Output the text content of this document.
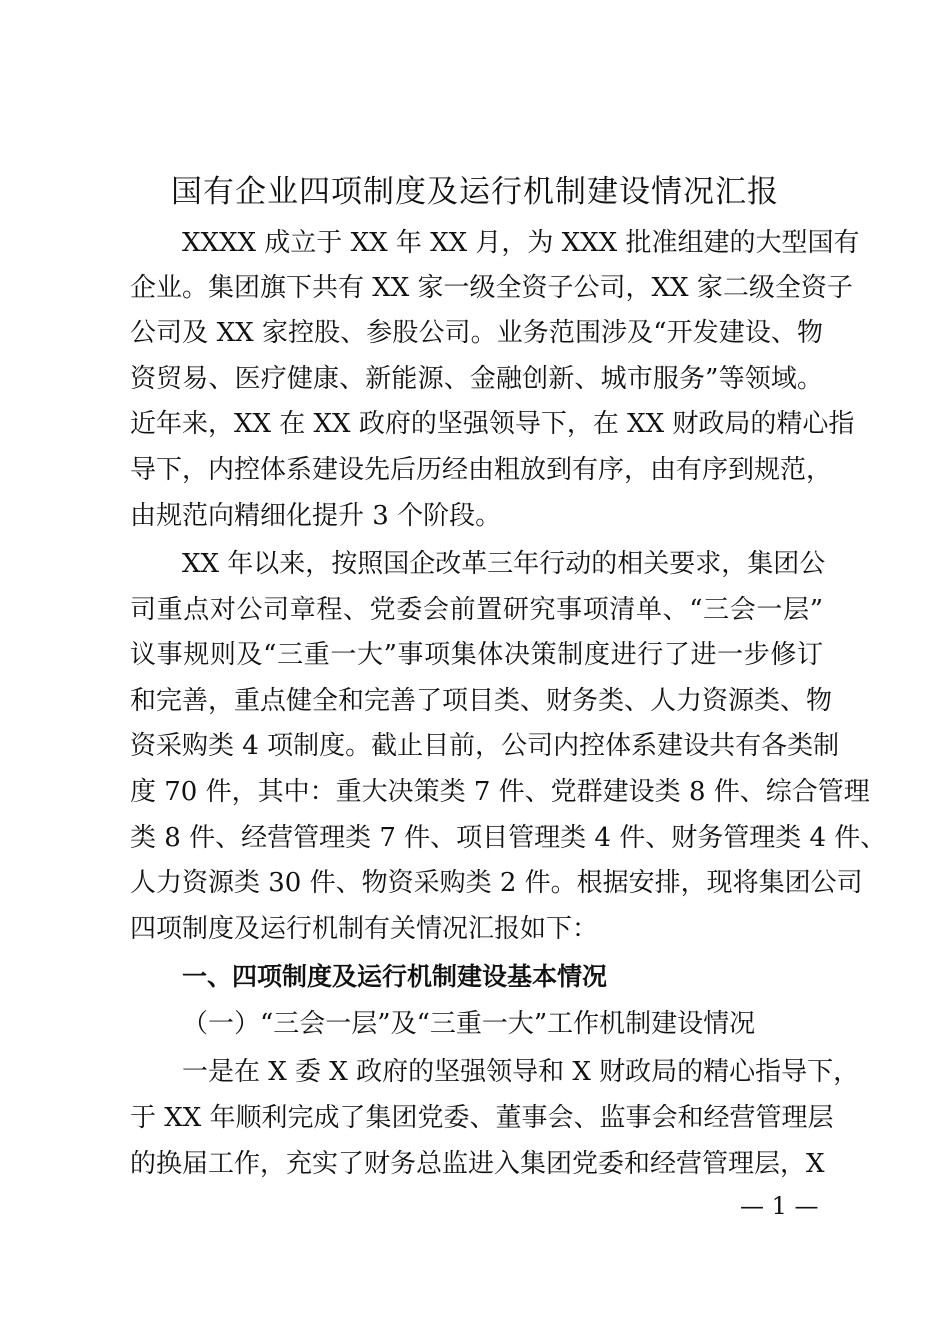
国有企业四项制度及运行机制建设情况汇报
XXXX 成立于 XX 年 XX 月，为 XXX 批准组建的大型国有
企业。集团旗下共有 XX 家一级全资子公司，XX 家二级全资子
公司及 XX 家控股、参股公司。业务范围涉及“开发建设、物
资贸易、医疗健康、新能源、金融创新、城市服务”等领域。
近年来，XX 在 XX 政府的坚强领导下，在 XX 财政局的精心指
导下，内控体系建设先后历经由粗放到有序，由有序到规范，
由规范向精细化提升 3 个阶段。
XX 年以来，按照国企改革三年行动的相关要求，集团公
司重点对公司章程、党委会前置研究事项清单、“三会一层”
议事规则及“三重一大”事项集体决策制度进行了进一步修订
和完善，重点健全和完善了项目类、财务类、人力资源类、物
资采购类 4 项制度。截止目前，公司内控体系建设共有各类制
度 70 件，其中：重大决策类 7 件、党群建设类 8 件、综合管理
类 8 件、经营管理类 7 件、项目管理类 4 件、财务管理类 4 件、
人力资源类 30 件、物资采购类 2 件。根据安排，现将集团公司
四项制度及运行机制有关情况汇报如下：
一、四项制度及运行机制建设基本情况
（一）“三会一层”及“三重一大”工作机制建设情况
一是在 X 委 X 政府的坚强领导和 X 财政局的精心指导下，
于 XX 年顺利完成了集团党委、董事会、监事会和经营管理层
的换届工作，充实了财务总监进入集团党委和经营管理层，X
— 1 —
